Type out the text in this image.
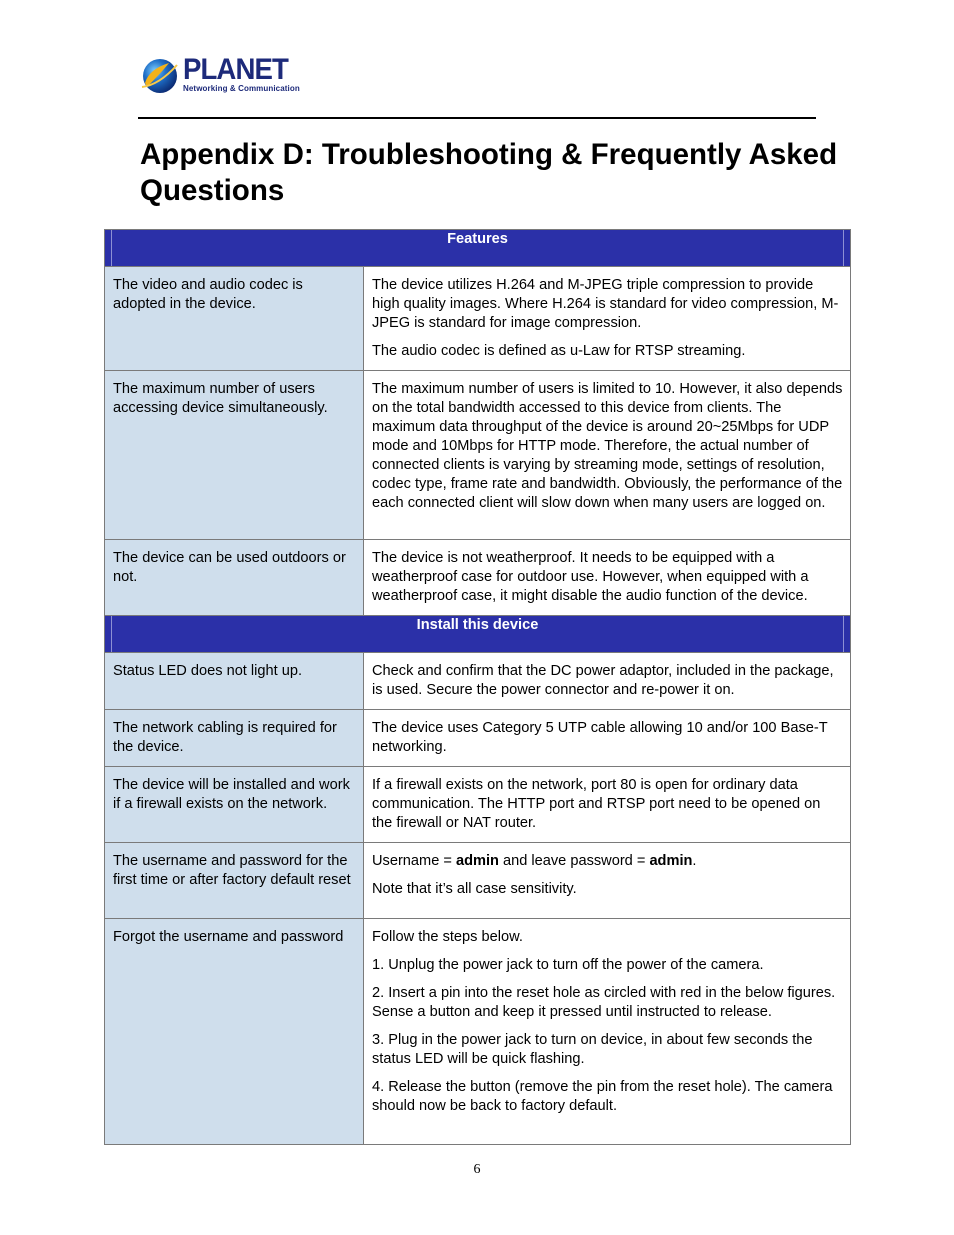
PLANET
Networking & Communication
Appendix D: Troubleshooting & Frequently Asked Questions
Features	
The video and audio codec is adopted in the device.	The device utilizes H.264 and M-JPEG triple compression to provide high quality images. Where H.264 is standard for video compression, M-JPEG is standard for image compression.

The audio codec is defined as u-Law for RTSP streaming.

The maximum number of users accessing device simultaneously.	The maximum number of users is limited to 10. However, it also depends on the total bandwidth accessed to this device from clients. The maximum data throughput of the device is around 20~25Mbps for UDP mode and 10Mbps for HTTP mode. Therefore, the actual number of connected clients is varying by streaming mode, settings of resolution, codec type, frame rate and bandwidth. Obviously, the performance of the each connected client will slow down when many users are logged on.

The device can be used outdoors or not.	The device is not weatherproof. It needs to be equipped with a weatherproof case for outdoor use. However, when equipped with a weatherproof case, it might disable the audio function of the device.

Install this device	
Status LED does not light up.	Check and confirm that the DC power adaptor, included in the package, is used. Secure the power connector and re-power it on.

The network cabling is required for the device.	The device uses Category 5 UTP cable allowing 10 and/or 100 Base-T networking.

The device will be installed and work if a firewall exists on the network.	If a firewall exists on the network, port 80 is open for ordinary data communication. The HTTP port and RTSP port need to be opened on the firewall or NAT router.

The username and password for the first time or after factory default reset	Username = admin and leave password = admin.

Note that it’s all case sensitivity.

Forgot the username and password	Follow the steps below.

1. Unplug the power jack to turn off the power of the camera.

2. Insert a pin into the reset hole as circled with red in the below figures. Sense a button and keep it pressed until instructed to release.

3. Plug in the power jack to turn on device, in about few seconds the status LED will be quick flashing.

4. Release the button (remove the pin from the reset hole). The camera should now be back to factory default.

6
